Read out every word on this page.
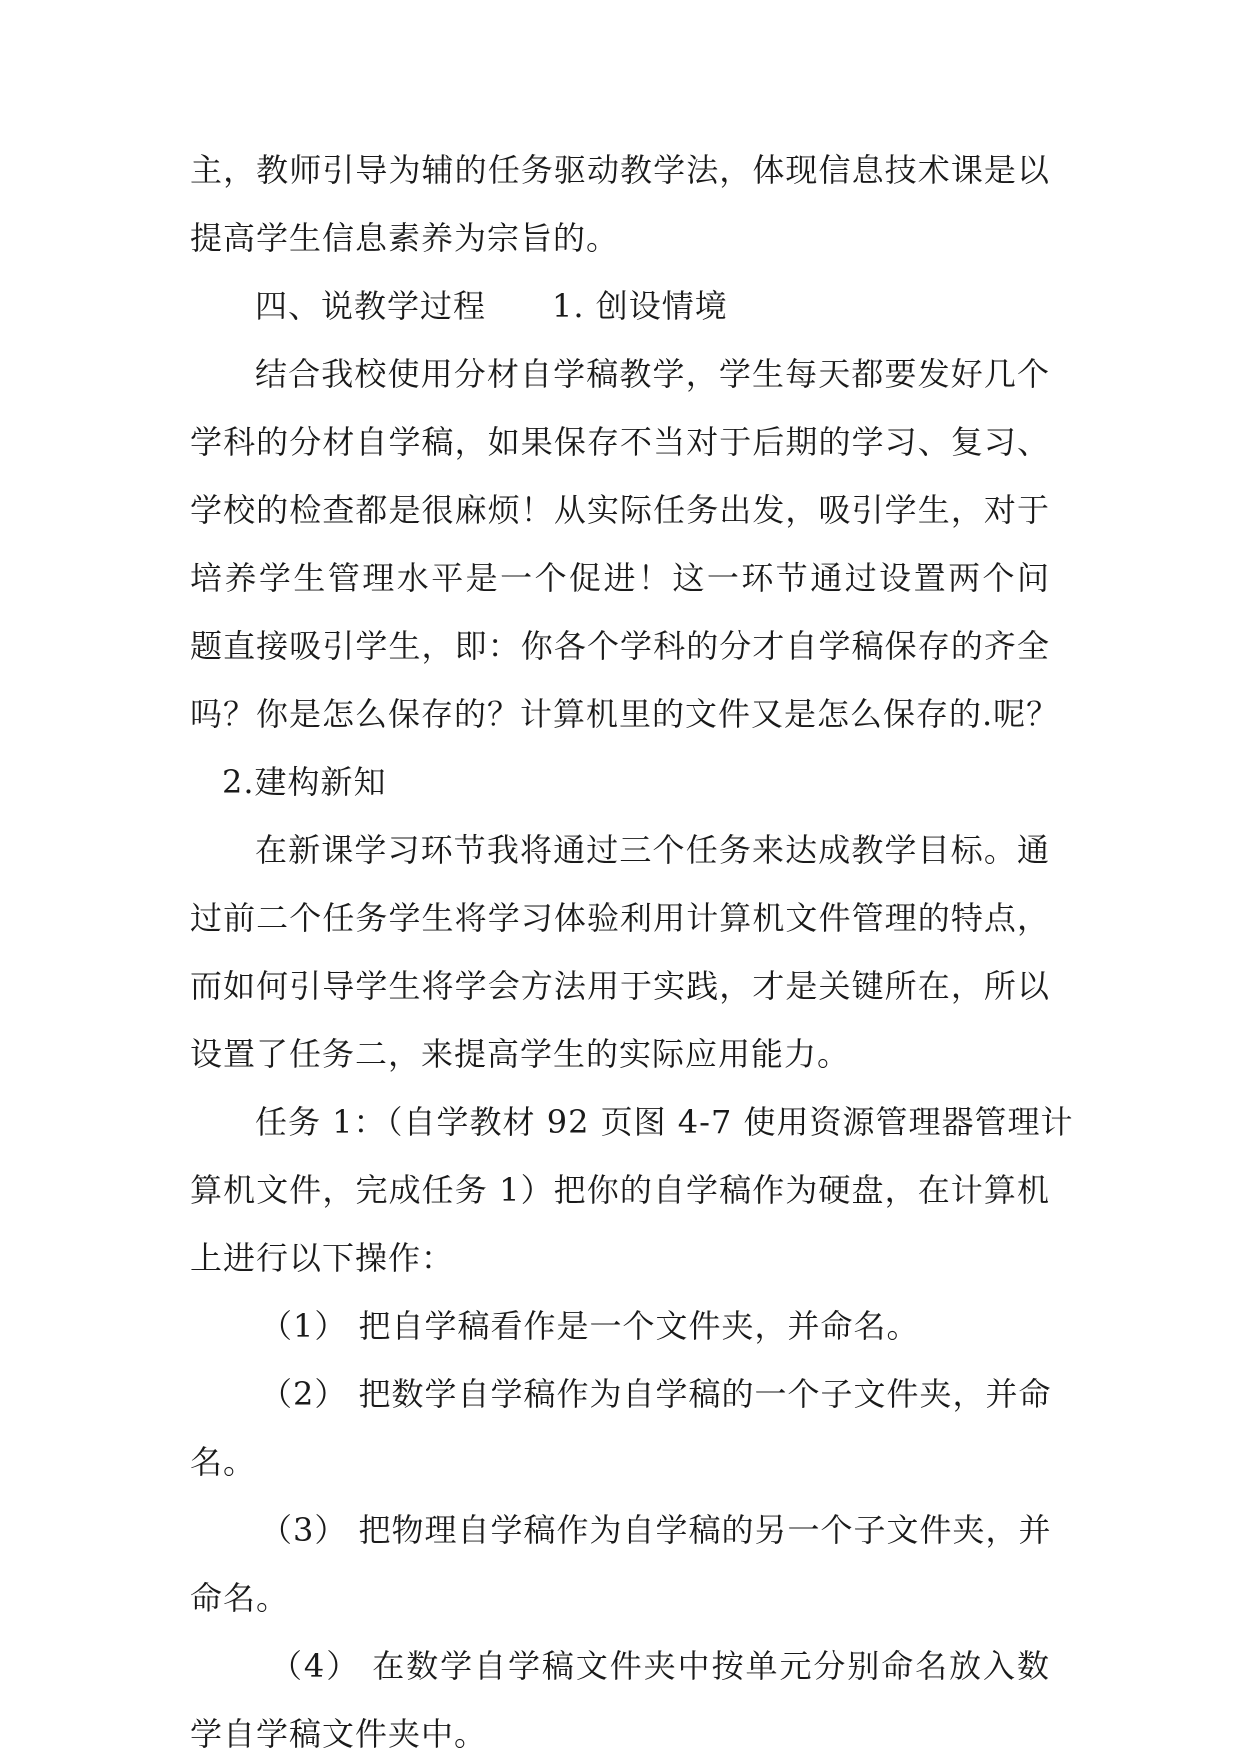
主，教师引导为辅的任务驱动教学法，体现信息技术课是以
提高学生信息素养为宗旨的。
四、说教学过程　　1. 创设情境
结合我校使用分材自学稿教学，学生每天都要发好几个
学科的分材自学稿，如果保存不当对于后期的学习、复习、
学校的检查都是很麻烦！从实际任务出发，吸引学生，对于
培养学生管理水平是一个促进！这一环节通过设置两个问
题直接吸引学生，即：你各个学科的分才自学稿保存的齐全
吗？你是怎么保存的？计算机里的文件又是怎么保存的.呢？
2.建构新知
在新课学习环节我将通过三个任务来达成教学目标。通
过前二个任务学生将学习体验利用计算机文件管理的特点，
而如何引导学生将学会方法用于实践，才是关键所在，所以
设置了任务二，来提高学生的实际应用能力。
任务 1：（自学教材 92 页图 4-7 使用资源管理器管理计
算机文件，完成任务 1）把你的自学稿作为硬盘，在计算机
上进行以下操作：
（1） 把自学稿看作是一个文件夹，并命名。
（2） 把数学自学稿作为自学稿的一个子文件夹，并命
名。
（3） 把物理自学稿作为自学稿的另一个子文件夹，并
命名。
（4） 在数学自学稿文件夹中按单元分别命名放入数
学自学稿文件夹中。
